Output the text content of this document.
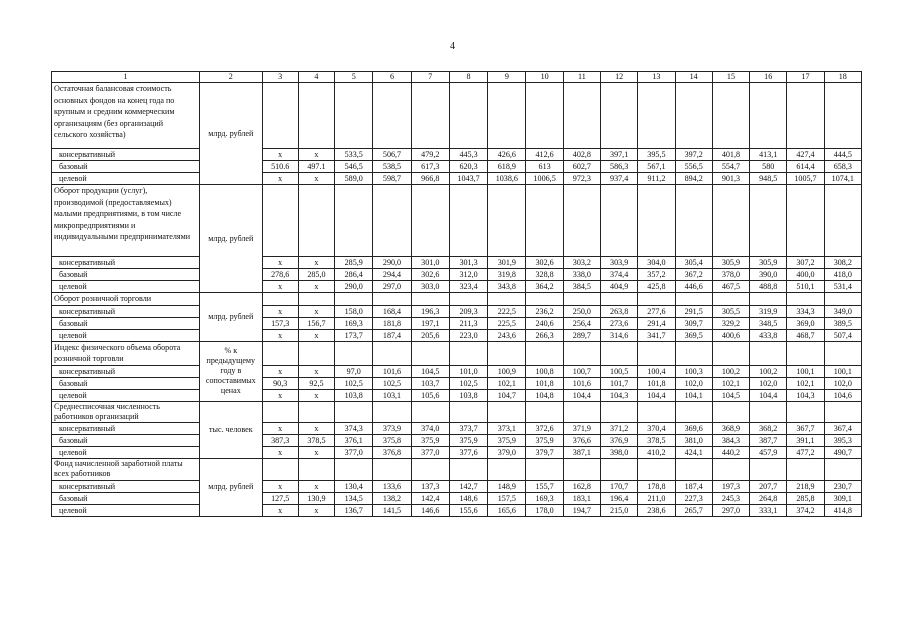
4
1	2	3	4	5	6	7	8	9	10	11	12	13	14	15	16	17	18
Остаточная балансовая стоимость основных фондов на конец года по крупным и средним коммерческим организациям (без организаций сельского хозяйства)	млрд. рублей																
консервативный		x	x	533,5	506,7	479,2	445,3	426,6	412,6	402,8	397,1	395,5	397,2	401,8	413,1	427,4	444,5
базовый		510.6	497.1	546,5	538,5	617,3	620,3	618,9	613	602,7	586,3	567,1	556,5	554,7	580	614,4	658,3
целевой		x	x	589,0	598,7	966,8	1043,7	1038,6	1006,5	972,3	937,4	911,2	894,2	901,3	948,5	1005,7	1074,1
Оборот продукции (услуг), производимой (предоставляемых) малыми предприятиями, в том числе микропредприятиями и индивидуальными предпринимателями	млрд. рублей																
консервативный		x	x	285,9	290,0	301,0	301,3	301,9	302,6	303,2	303,9	304,0	305,4	305,9	305,9	307,2	308,2
базовый		278,6	285,0	286,4	294,4	302,6	312,0	319,8	328,8	338,0	374,4	357,2	367,2	378,0	390,0	400,0	418,0
целевой		x	x	290,0	297,0	303,0	323,4	343,8	364,2	384,5	404,9	425,8	446,6	467,5	488,8	510,1	531,4
Оборот розничной торговли	млрд. рублей																
консервативный		x	x	158,0	168,4	196,3	209,3	222,5	236,2	250,0	263,8	277,6	291,5	305,5	319,9	334,3	349,0
базовый		157,3	156,7	169,3	181,8	197,1	211,3	225,5	240,6	256,4	273,6	291,4	309,7	329,2	348,5	369,0	389,5
целевой		x	x	173,7	187,4	205,6	223,0	243,6	266,3	289,7	314,6	341,7	369,5	400,6	433,8	468,7	507,4
Индекс физического объема оборота розничной торговли	% к предыдущему году в сопоставимых ценах																
консервативный		x	x	97,0	101,6	104,5	101,0	100,9	100,8	100,7	100,5	100,4	100,3	100,2	100,2	100,1	100,1
базовый		90,3	92,5	102,5	102,5	103,7	102,5	102,1	101,8	101,6	101,7	101,8	102,0	102,1	102,0	102,1	102,0
целевой		x	x	103,8	103,1	105,6	103,8	104,7	104,8	104,4	104,3	104,4	104,1	104,5	104,4	104,3	104,6
Среднесписочная численность работников организаций	тыс. человек																
консервативный		x	x	374,3	373,9	374,0	373,7	373,1	372,6	371,9	371,2	370,4	369,6	368,9	368,2	367,7	367,4
базовый		387,3	378,5	376,1	375,8	375,9	375,9	375,9	375,9	376,6	376,9	378,5	381,0	384,3	387,7	391,1	395,3
целевой		x	x	377,0	376,8	377,0	377,6	379,0	379,7	387,1	398,0	410,2	424,1	440,2	457,9	477,2	490,7
Фонд начисленной заработной платы всех работников	млрд. рублей																
консервативный		x	x	130,4	133,6	137,3	142,7	148,9	155,7	162,8	170,7	178,8	187,4	197,3	207,7	218,9	230,7
базовый		127,5	130,9	134,5	138,2	142,4	148,6	157,5	169,3	183,1	196,4	211,0	227,3	245,3	264,8	285,8	309,1
целевой		x	x	136,7	141,5	146,6	155,6	165,6	178,0	194,7	215,0	238,6	265,7	297,0	333,1	374,2	414,8
